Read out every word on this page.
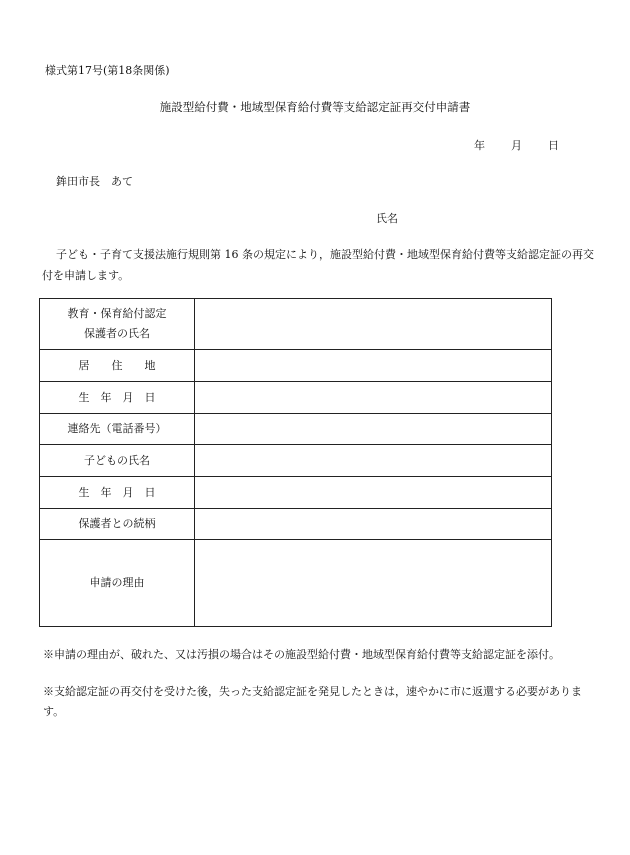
様式第17号(第18条関係)
施設型給付費・地域型保育給付費等支給認定証再交付申請書
年 月 日
鉾田市長　あて
氏名
子ども・子育て支援法施行規則第 16 条の規定により，施設型給付費・地域型保育給付費等支給認定証の再交付を申請します。
教育・保育給付認定
保護者の氏名	

居　　住　　地	
生　年　月　日	
連絡先（電話番号）	
子どもの氏名	
生　年　月　日	
保護者との続柄	
申請の理由	
※申請の理由が、破れた、又は汚損の場合はその施設型給付費・地域型保育給付費等支給認定証を添付。
※支給認定証の再交付を受けた後，失った支給認定証を発見したときは，速やかに市に返還する必要があります。
